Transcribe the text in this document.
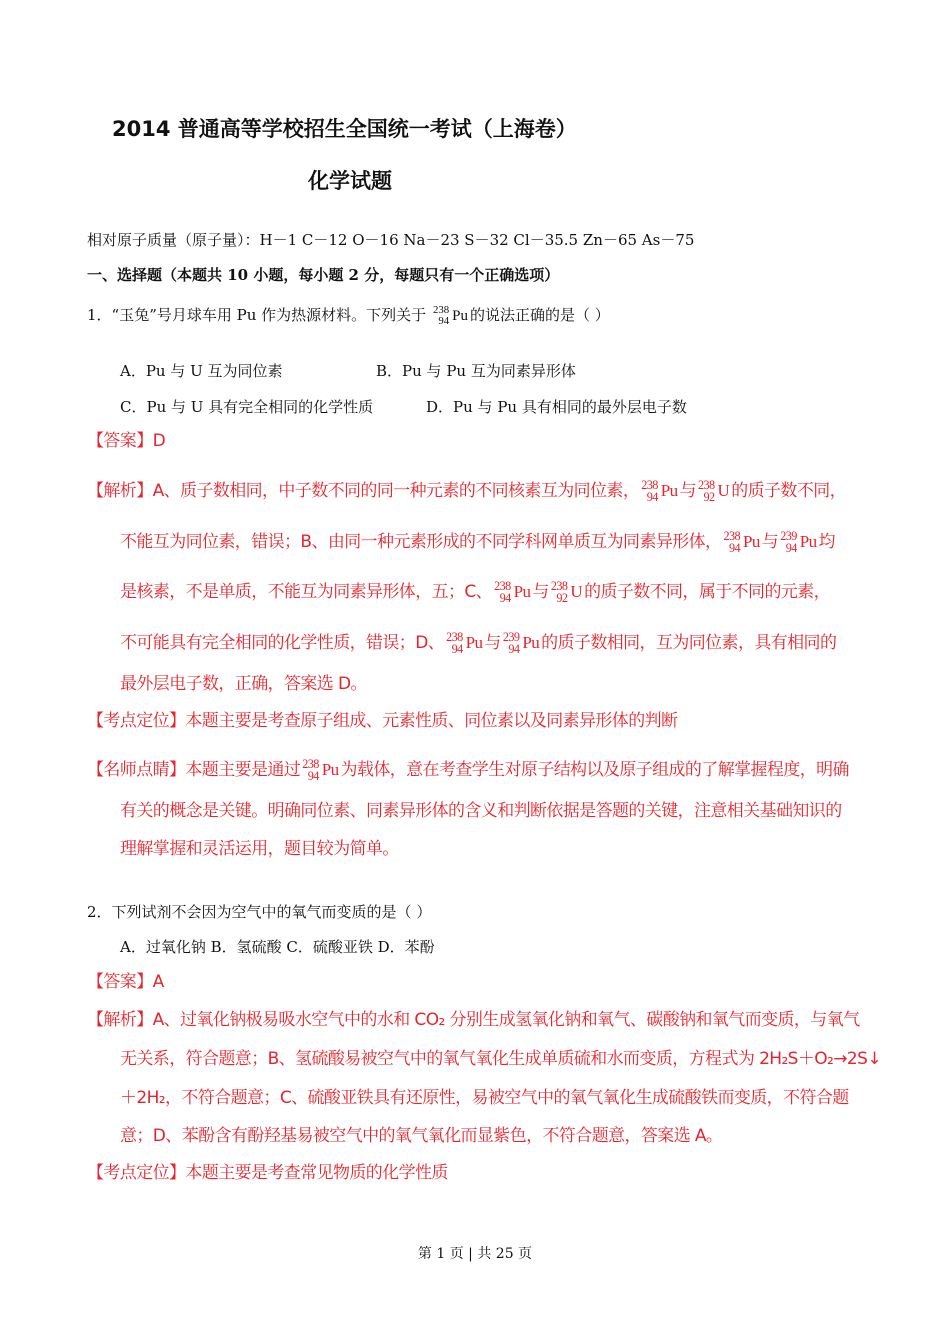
2014 普通高等学校招生全国统一考试（上海卷）
化学试题
相对原子质量（原子量）：H－1 C－12 O－16 Na－23 S－32 Cl－35.5 Zn－65 As－75
一、选择题（本题共 10 小题，每小题 2 分，每题只有一个正确选项）
1．“玉兔”号月球车用 Pu 作为热源材料。下列关于 238
94 Pu 的说法正确的是（ ）
A．Pu 与 U 互为同位素	B．Pu 与 Pu 互为同素异形体
C．Pu 与 U 具有完全相同的化学性质	D．Pu 与 Pu 具有相同的最外层电子数
【答案】D
【解析】A、质子数相同，中子数不同的同一种元素的不同核素互为同位素， 238
94 Pu 与 238
92 U 的质子数不同，
不能互为同位素，错误；B、由同一种元素形成的不同学科网单质互为同素异形体， 238
94 Pu 与 239
94 Pu 均
是核素，不是单质，不能互为同素异形体，五；C、 238
94 Pu 与 238
92 U 的质子数不同，属于不同的元素，
不可能具有完全相同的化学性质，错误；D、 238
94 Pu 与 239
94 Pu 的质子数相同，互为同位素，具有相同的
最外层电子数，正确，答案选 D。
【考点定位】本题主要是考查原子组成、元素性质、同位素以及同素异形体的判断
【名师点睛】本题主要是通过 238
94 Pu 为载体，意在考查学生对原子结构以及原子组成的了解掌握程度，明确
有关的概念是关键。明确同位素、同素异形体的含义和判断依据是答题的关键，注意相关基础知识的
理解掌握和灵活运用，题目较为简单。
2．下列试剂不会因为空气中的氧气而变质的是（ ）
A．过氧化钠 B．氢硫酸 C．硫酸亚铁 D．苯酚
【答案】A
【解析】A、过氧化钠极易吸水空气中的水和 CO₂ 分别生成氢氧化钠和氧气、碳酸钠和氧气而变质，与氧气
无关系，符合题意；B、氢硫酸易被空气中的氧气氧化生成单质硫和水而变质，方程式为 2H₂S＋O₂→2S↓
＋2H₂，不符合题意；C、硫酸亚铁具有还原性，易被空气中的氧气氧化生成硫酸铁而变质，不符合题
意；D、苯酚含有酚羟基易被空气中的氧气氧化而显紫色，不符合题意，答案选 A。
【考点定位】本题主要是考查常见物质的化学性质
第 1 页 | 共 25 页
